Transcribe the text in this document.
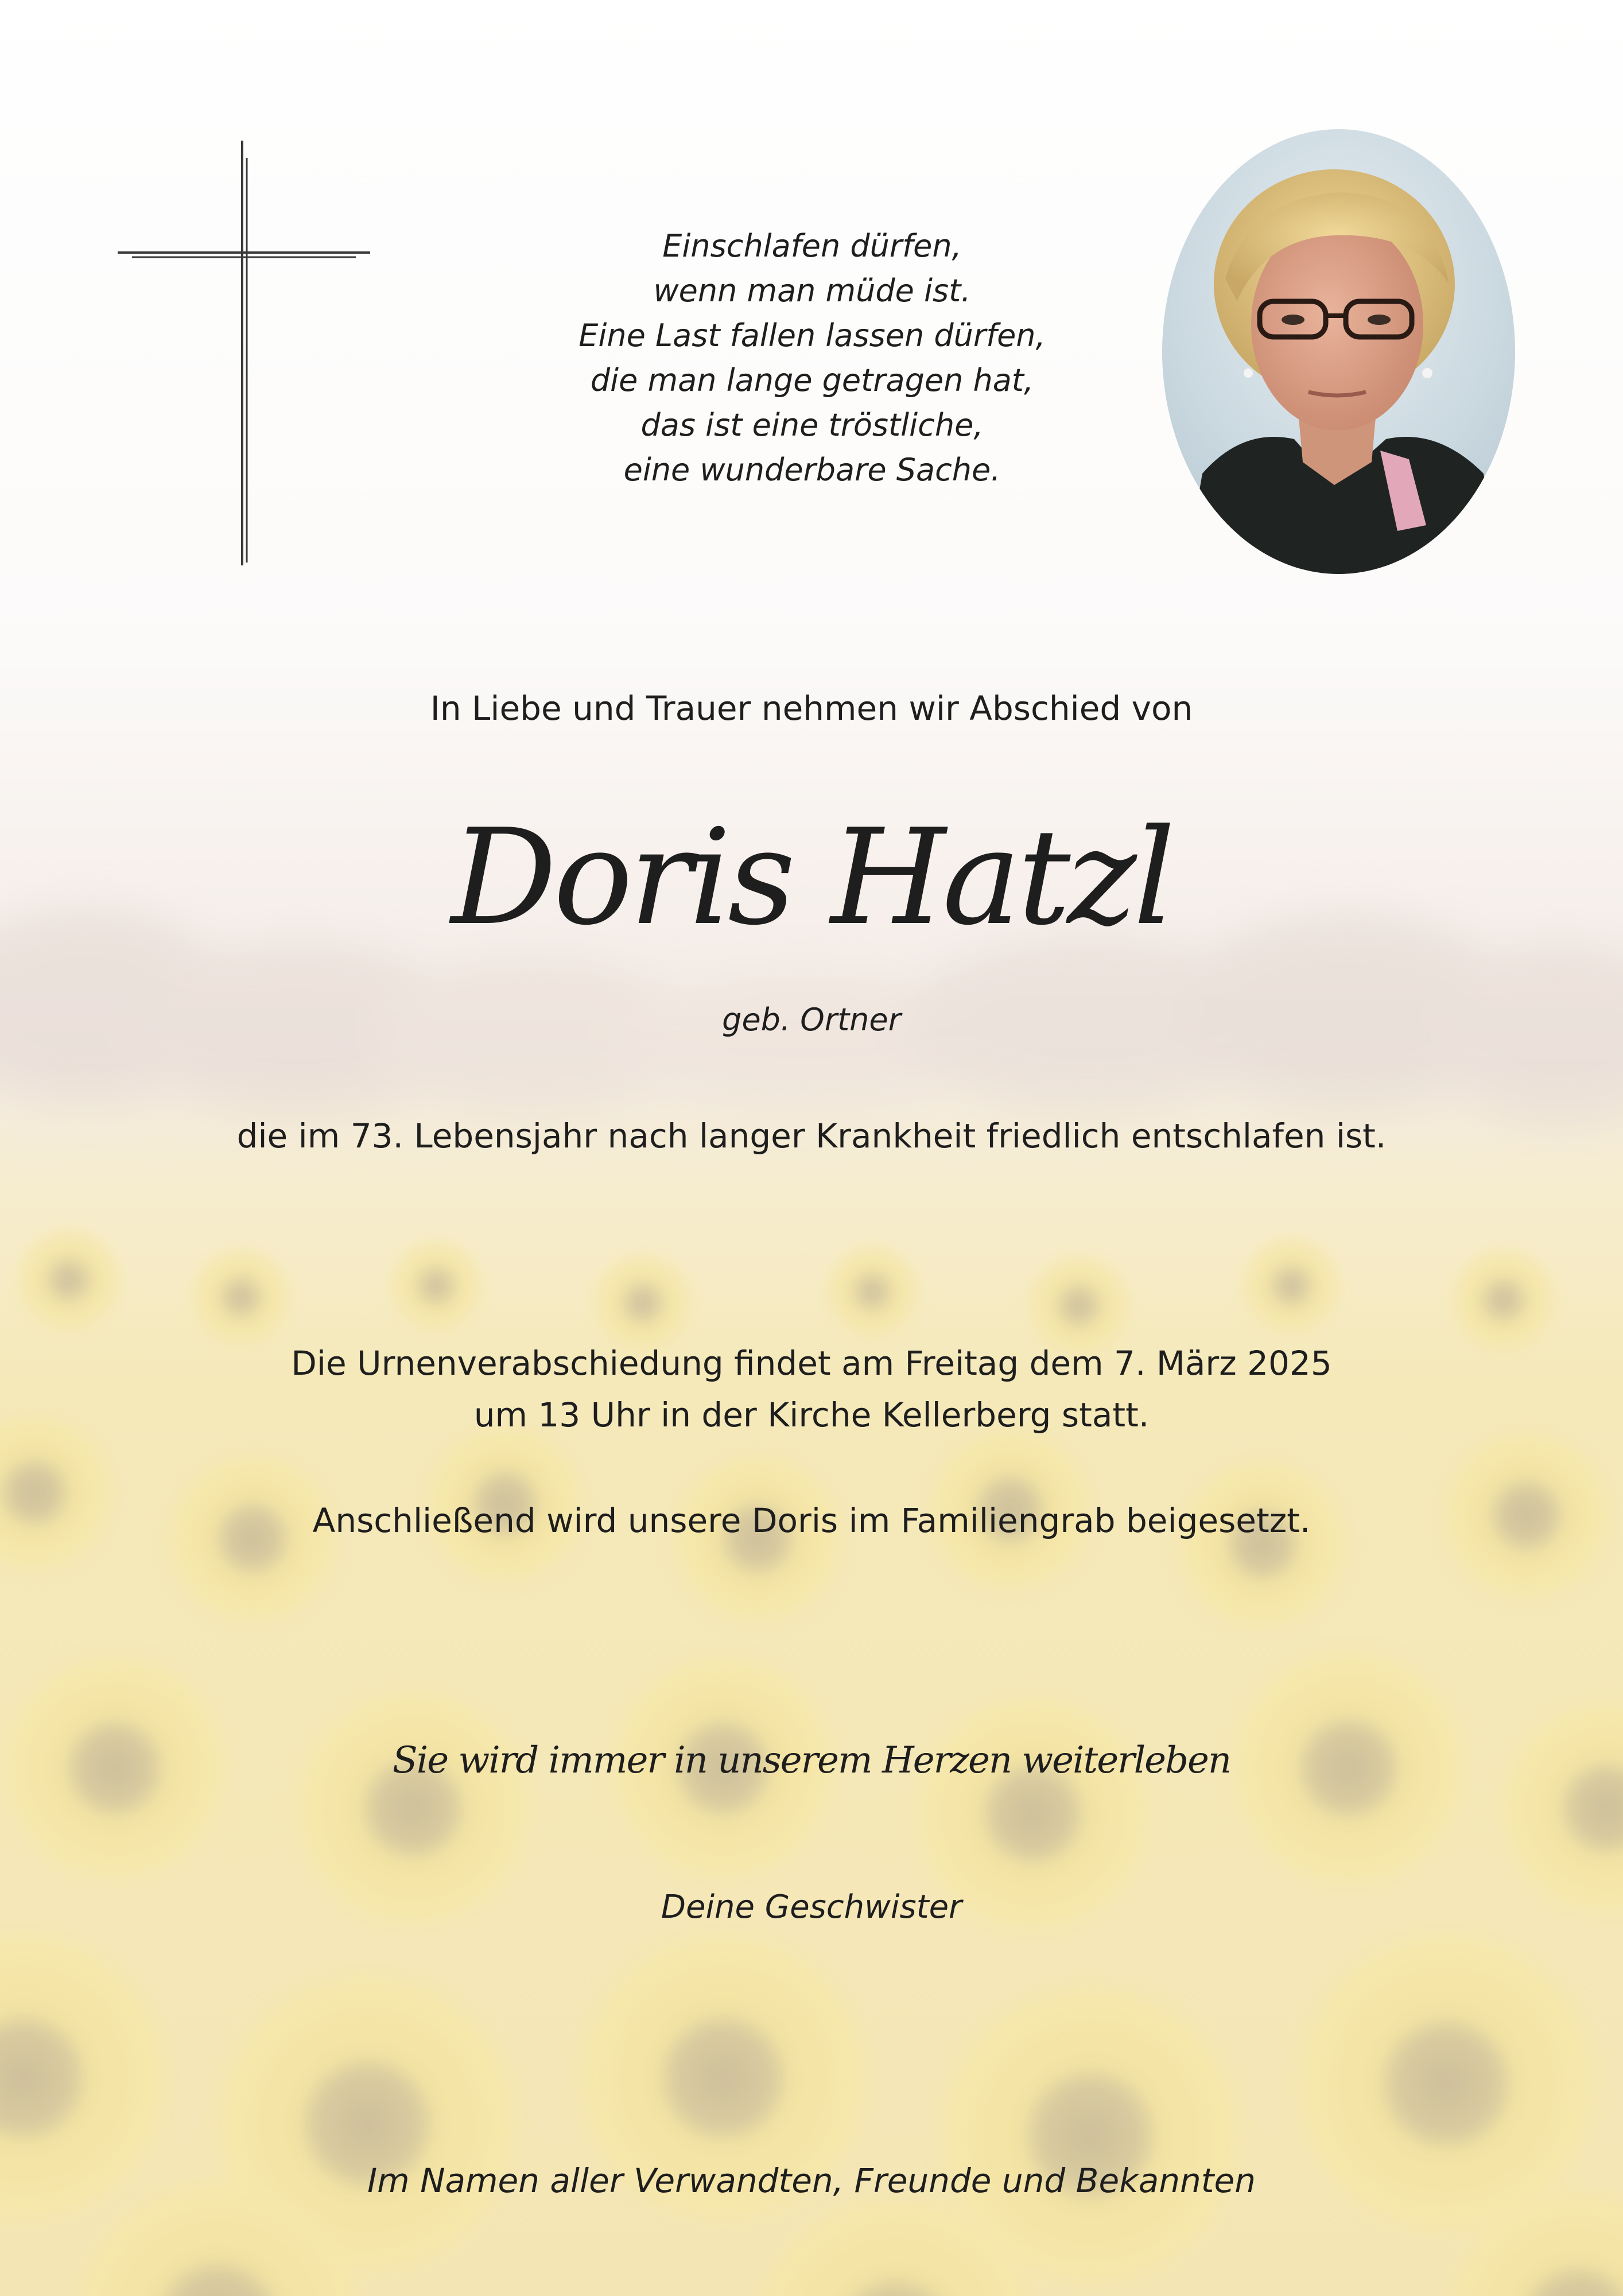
Einschlafen dürfen,
wenn man müde ist.
Eine Last fallen lassen dürfen,
die man lange getragen hat,
das ist eine tröstliche,
eine wunderbare Sache.
In Liebe und Trauer nehmen wir Abschied von
Doris Hatzl
geb. Ortner
die im 73. Lebensjahr nach langer Krankheit friedlich entschlafen ist.
Die Urnenverabschiedung findet am Freitag dem 7. März 2025
um 13 Uhr in der Kirche Kellerberg statt.
Anschließend wird unsere Doris im Familiengrab beigesetzt.
Sie wird immer in unserem Herzen weiterleben
Deine Geschwister
Im Namen aller Verwandten, Freunde und Bekannten
